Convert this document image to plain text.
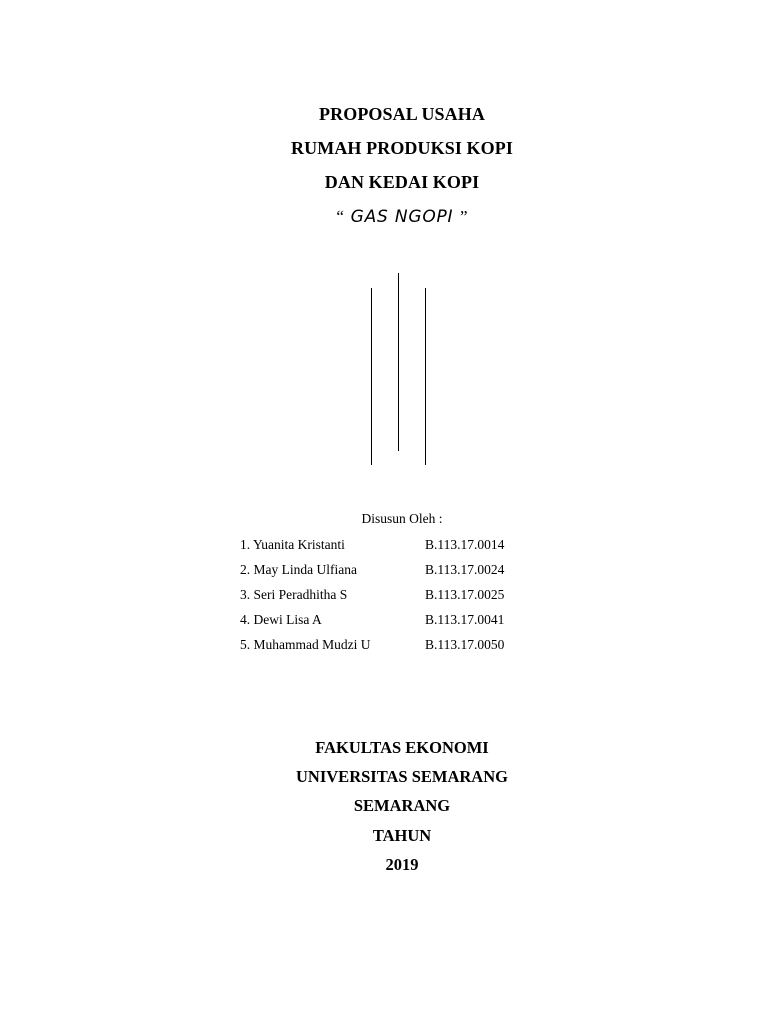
PROPOSAL USAHA
RUMAH PRODUKSI KOPI
DAN KEDAI KOPI
“ GAS NGOPI ”
Disusun Oleh :
1. Yuanita Kristanti	B.113.17.0014
2. May Linda Ulfiana	B.113.17.0024
3. Seri Peradhitha S	B.113.17.0025
4. Dewi Lisa A	B.113.17.0041
5. Muhammad Mudzi U	B.113.17.0050
FAKULTAS EKONOMI
UNIVERSITAS SEMARANG
SEMARANG
TAHUN
2019
